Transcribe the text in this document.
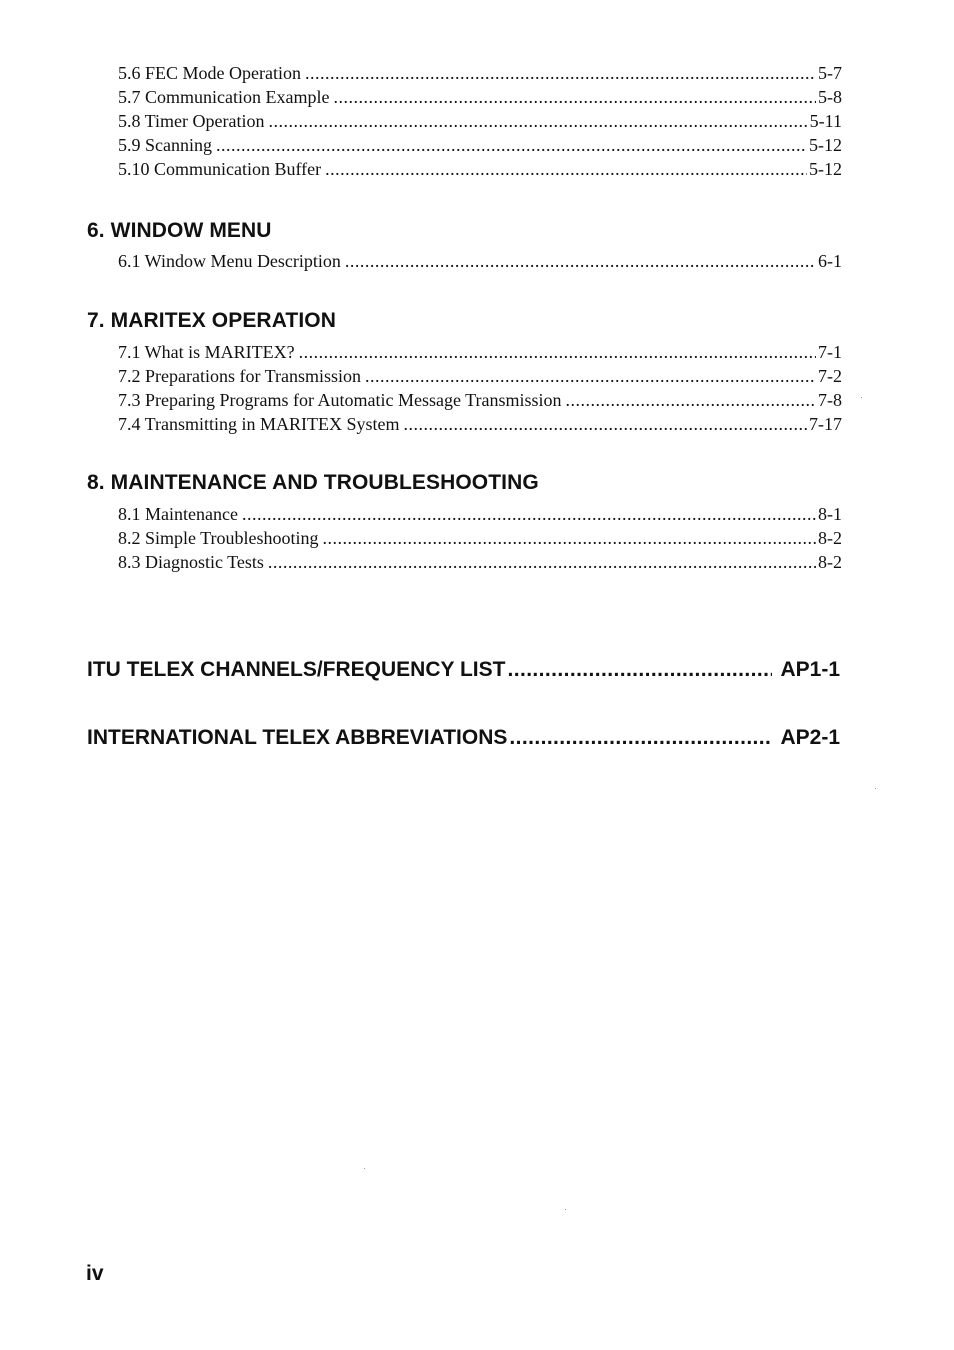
5.6 FEC Mode Operation .....	5-7
5.7 Communication Example .....	5-8
5.8 Timer Operation .....	5-11
5.9 Scanning .....	5-12
5.10 Communication Buffer .....	5-12
6. WINDOW MENU
6.1 Window Menu Description .....	6-1
7. MARITEX OPERATION
7.1 What is MARITEX? .....	7-1
7.2 Preparations for Transmission .....	7-2
7.3 Preparing Programs for Automatic Message Transmission .....	7-8
7.4 Transmitting in MARITEX System .....	7-17
8. MAINTENANCE AND TROUBLESHOOTING
8.1 Maintenance .....	8-1
8.2 Simple Troubleshooting .....	8-2
8.3 Diagnostic Tests .....	8-2
ITU TELEX CHANNELS/FREQUENCY LIST .....	AP1-1
INTERNATIONAL TELEX ABBREVIATIONS .....	AP2-1
iv
